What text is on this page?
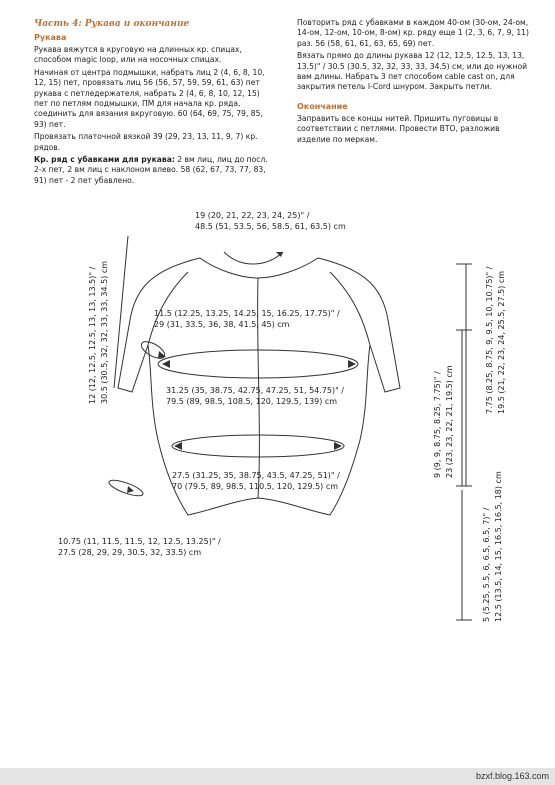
Часть 4: Рукава и окончание

Рукава

Рукава вяжутся в круговую на длинных кр. спицах, способом magic loop, или на носочных спицах.

Начиная от центра подмышки, набрать лиц 2 (4, 6, 8, 10, 12, 15) пет, провязать лиц 56 (56, 57, 59, 59, 61, 63) пет рукава с петледержателя, набрать 2 (4, 6, 8, 10, 12, 15) пет по петлям подмышки, ПМ для начала кр. ряда, соединить для вязания вкруговую. 60 (64, 69, 75, 79, 85, 93) пет.

Провязать платочной вязкой 39 (29, 23, 13, 11, 9, 7) кр. рядов.

Кр. ряд с убавками для рукава: 2 вм лиц, лиц до посл. 2-х пет, 2 вм лиц с наклоном влево. 58 (62, 67, 73, 77, 83, 91) пет - 2 пет убавлено.

Повторить ряд с убавками в каждом 40-ом (30-ом, 24-ом, 14-ом, 12-ом, 10-ом, 8-ом) кр. ряду еще 1 (2, 3, 6, 7, 9, 11) раз. 56 (58, 61, 61, 63, 65, 69) пет.

Вязать прямо до длины рукава 12 (12, 12.5, 12.5, 13, 13, 13.5)" / 30.5 (30.5, 32, 32, 33, 33, 34.5) см, или до нужной вам длины. Набрать 3 пет способом cable cast on, для закрытия петель I-Cord шнуром. Закрыть петли.

Окончание

Заправить все концы нитей. Пришить пуговицы в соответствии с петлями. Провести ВТО, разложив изделие по меркам.

19 (20, 21, 22, 23, 24, 25)" /
48.5 (51, 53.5, 56, 58.5, 61, 63.5) cm
11.5 (12.25, 13.25, 14.25, 15, 16.25, 17.75)" /
29 (31, 33.5, 36, 38, 41.5, 45) cm
31.25 (35, 38.75, 42.75, 47.25, 51, 54.75)" /
79.5 (89, 98.5, 108.5, 120, 129.5, 139) cm
27.5 (31.25, 35, 38.75, 43.5, 47.25, 51)" /
70 (79.5, 89, 98.5, 110.5, 120, 129.5) cm
10.75 (11, 11.5, 11.5, 12, 12.5, 13.25)" /
27.5 (28, 29, 29, 30.5, 32, 33.5) cm
12 (12, 12.5, 12.5, 13, 13, 13.5)" / 30.5 (30.5, 32, 32, 33, 33, 34.5) cm
9 (9, 9, 8.75, 8.25, 7.75)" / 23 (23, 23, 22, 21, 19.5) cm
7.75 (8.25, 8.75, 9, 9.5, 10, 10.75)" / 19.5 (21, 22, 23, 24, 25.5, 27.5) cm
5 (5.25, 5.5, 6, 6.5, 6.5, 7)" / 12.5 (13.5, 14, 15, 16.5, 16.5, 18) cm
bzxf.blog.163.com
